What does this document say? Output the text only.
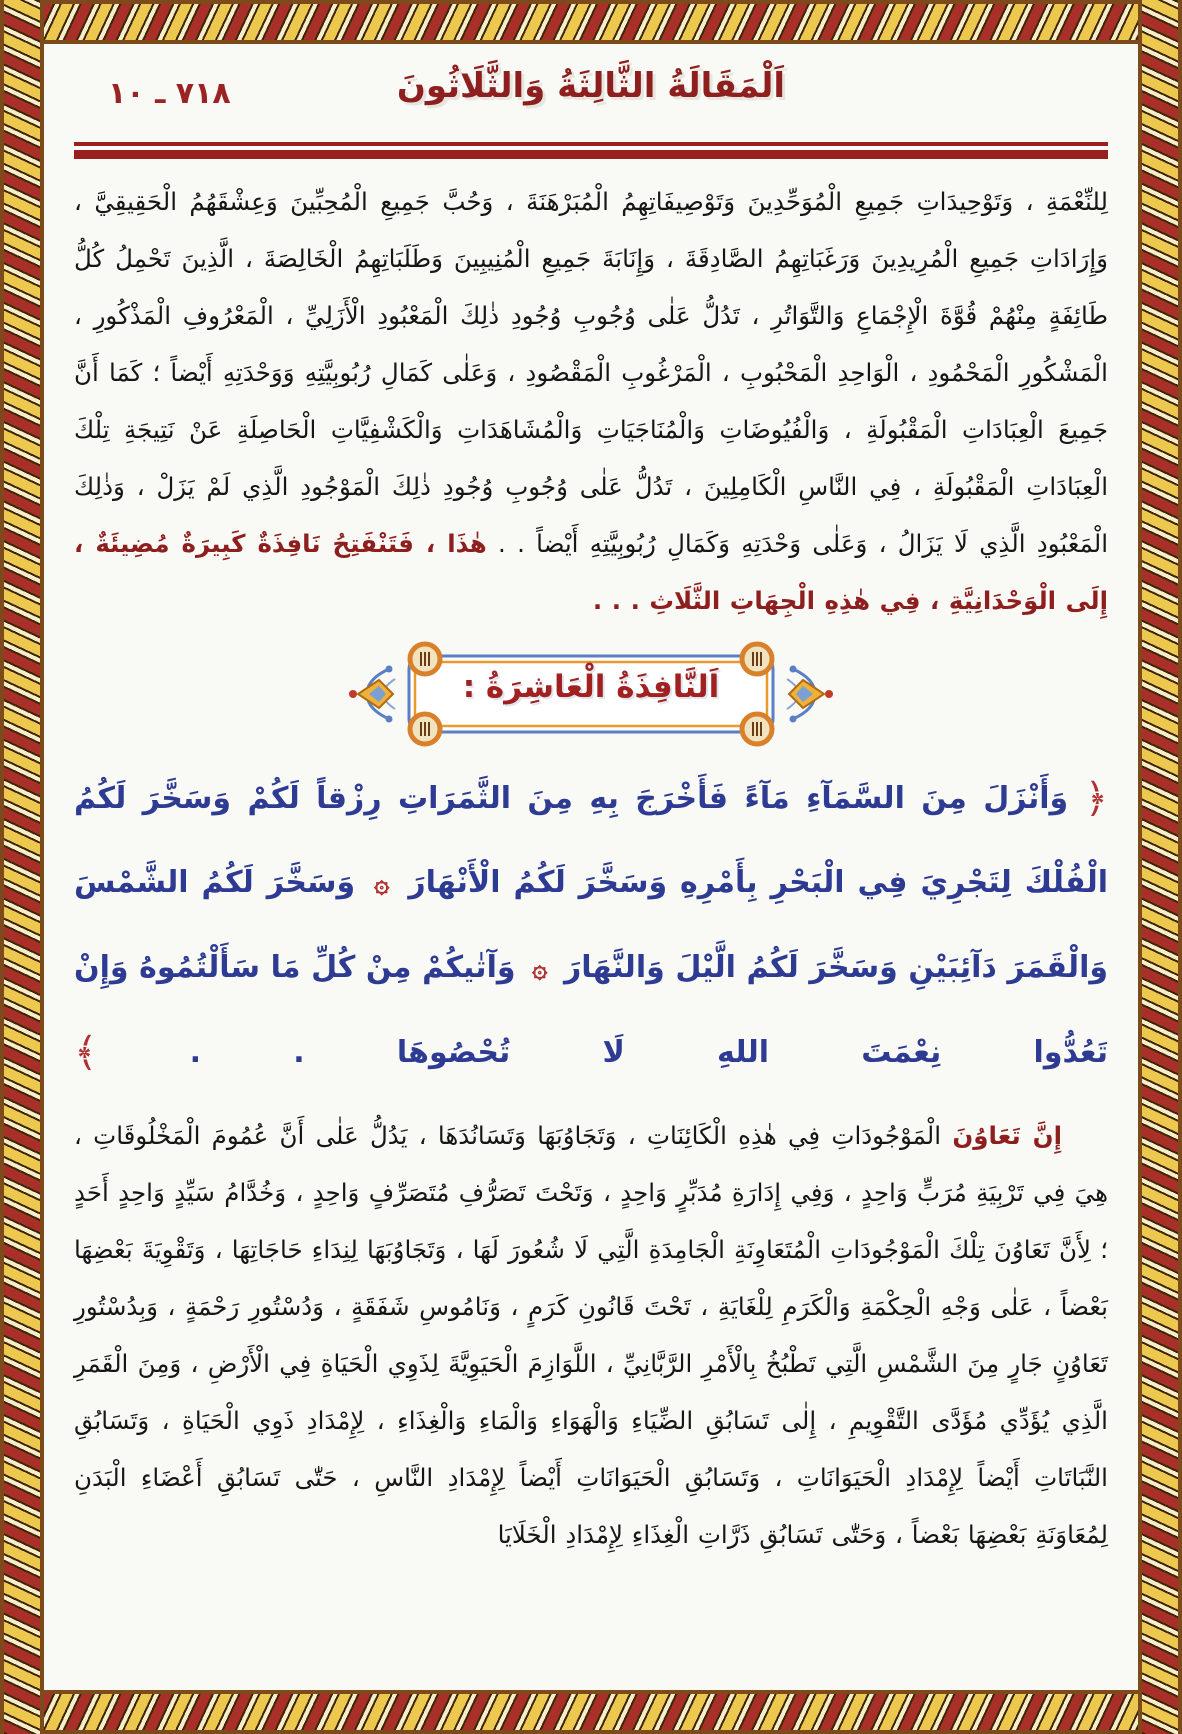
اَلْمَقَالَةُ الثَّالِثَةُ وَالثَّلَاثُونَ
٧١٨ ـ ١٠
لِلنِّعْمَةِ ، وَتَوْحِيدَاتِ جَمِيعِ الْمُوَحِّدِينَ وَتَوْصِيفَاتِهِمُ الْمُبَرْهَنَةَ ، وَحُبَّ جَمِيعِ الْمُحِبِّينَ وَعِشْقَهُمُ الْحَقِيقِيَّ ، وَإِرَادَاتِ جَمِيعِ الْمُرِيدِينَ وَرَغَبَاتِهِمُ الصَّادِقَةَ ، وَإِنَابَةَ جَمِيعِ الْمُنِيبِينَ وَطَلَبَاتِهِمُ الْخَالِصَةَ ، الَّذِينَ تَحْمِلُ كُلُّ طَائِفَةٍ مِنْهُمْ قُوَّةَ الْإِجْمَاعِ وَالتَّوَاتُرِ ، تَدُلُّ عَلٰى وُجُوبِ وُجُودِ ذٰلِكَ الْمَعْبُودِ الْأَزَلِيِّ ، الْمَعْرُوفِ الْمَذْكُورِ ، الْمَشْكُورِ الْمَحْمُودِ ، الْوَاحِدِ الْمَحْبُوبِ ، الْمَرْغُوبِ الْمَقْصُودِ ، وَعَلٰى كَمَالِ رُبُوبِيَّتِهِ وَوَحْدَتِهِ أَيْضاً ؛ كَمَا أَنَّ جَمِيعَ الْعِبَادَاتِ الْمَقْبُولَةِ ، وَالْفُيُوضَاتِ وَالْمُنَاجَيَاتِ وَالْمُشَاهَدَاتِ وَالْكَشْفِيَّاتِ الْحَاصِلَةِ عَنْ نَتِيجَةِ تِلْكَ الْعِبَادَاتِ الْمَقْبُولَةِ ، فِي النَّاسِ الْكَامِلِينَ ، تَدُلُّ عَلٰى وُجُوبِ وُجُودِ ذٰلِكَ الْمَوْجُودِ الَّذِي لَمْ يَزَلْ ، وَذٰلِكَ الْمَعْبُودِ الَّذِي لَا يَزَالُ ، وَعَلٰى وَحْدَتِهِ وَكَمَالِ رُبُوبِيَّتِهِ أَيْضاً . . هٰذَا ، فَتَنْفَتِحُ نَافِذَةٌ كَبِيرَةٌ مُضِيئَةٌ ، إِلَى الْوَحْدَانِيَّةِ ، فِي هٰذِهِ الْجِهَاتِ الثَّلَاثِ . . .
اَلنَّافِذَةُ الْعَاشِرَةُ :
﴿ وَأَنْزَلَ مِنَ السَّمَآءِ مَآءً فَأَخْرَجَ بِهِ مِنَ الثَّمَرَاتِ رِزْقاً لَكُمْ وَسَخَّرَ لَكُمُ الْفُلْكَ لِتَجْرِيَ فِي الْبَحْرِ بِأَمْرِهِ وَسَخَّرَ لَكُمُ الْأَنْهَارَ ۞ وَسَخَّرَ لَكُمُ الشَّمْسَ وَالْقَمَرَ دَآئِبَيْنِ وَسَخَّرَ لَكُمُ الَّيْلَ وَالنَّهَارَ ۞ وَآتٰيكُمْ مِنْ كُلِّ مَا سَأَلْتُمُوهُ وَإِنْ تَعُدُّوا نِعْمَتَ اللهِ لَا تُحْصُوهَا . . ﴾
إِنَّ تَعَاوُنَ الْمَوْجُودَاتِ فِي هٰذِهِ الْكَائِنَاتِ ، وَتَجَاوُبَهَا وَتَسَانُدَهَا ، يَدُلُّ عَلٰى أَنَّ عُمُومَ الْمَخْلُوقَاتِ ، هِيَ فِي تَرْبِيَةِ مُرَبٍّ وَاحِدٍ ، وَفِي إِدَارَةِ مُدَبِّرٍ وَاحِدٍ ، وَتَحْتَ تَصَرُّفِ مُتَصَرِّفٍ وَاحِدٍ ، وَخُدَّامُ سَيِّدٍ وَاحِدٍ أَحَدٍ ؛ لِأَنَّ تَعَاوُنَ تِلْكَ الْمَوْجُودَاتِ الْمُتَعَاوِنَةِ الْجَامِدَةِ الَّتِي لَا شُعُورَ لَهَا ، وَتَجَاوُبَهَا لِنِدَاءِ حَاجَاتِهَا ، وَتَقْوِيَةَ بَعْضِهَا بَعْضاً ، عَلٰى وَجْهِ الْحِكْمَةِ وَالْكَرَمِ لِلْغَايَةِ ، تَحْتَ قَانُونِ كَرَمٍ ، وَنَامُوسِ شَفَقَةٍ ، وَدُسْتُورِ رَحْمَةٍ ، وَبِدُسْتُورِ تَعَاوُنٍ جَارٍ مِنَ الشَّمْسِ الَّتِي تَطْبُخُ بِالْأَمْرِ الرَّبَّانِيِّ ، اللَّوَازِمَ الْحَيَوِيَّةَ لِذَوِي الْحَيَاةِ فِي الْأَرْضِ ، وَمِنَ الْقَمَرِ الَّذِي يُؤَدِّي مُؤَدَّى التَّقْوِيمِ ، إِلٰى تَسَابُقِ الضِّيَاءِ وَالْهَوَاءِ وَالْمَاءِ وَالْغِذَاءِ ، لِإِمْدَادِ ذَوِي الْحَيَاةِ ، وَتَسَابُقِ النَّبَاتَاتِ أَيْضاً لِإِمْدَادِ الْحَيَوَانَاتِ ، وَتَسَابُقِ الْحَيَوَانَاتِ أَيْضاً لِإِمْدَادِ النَّاسِ ، حَتّٰى تَسَابُقِ أَعْضَاءِ الْبَدَنِ لِمُعَاوَنَةِ بَعْضِهَا بَعْضاً ، وَحَتّٰى تَسَابُقِ ذَرَّاتِ الْغِذَاءِ لِإِمْدَادِ الْخَلَايَا
